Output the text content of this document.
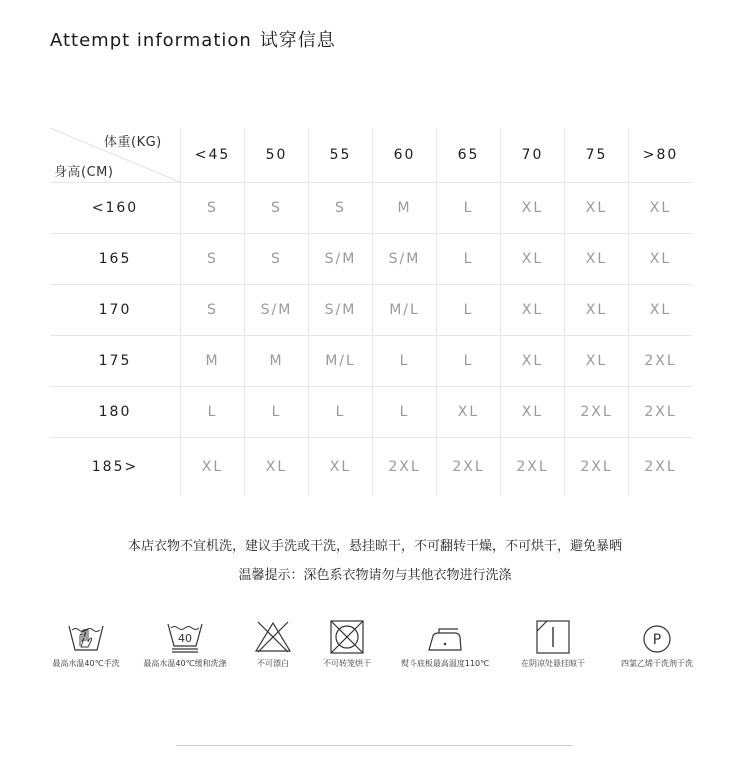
Attempt information 试穿信息
体重(KG)
身高(CM)	<45	50	55	60	65	70	75	>80
<160	S	S	S	M	L	XL	XL	XL
165	S	S	S/M	S/M	L	XL	XL	XL
170	S	S/M	S/M	M/L	L	XL	XL	XL
175	M	M	M/L	L	L	XL	XL	2XL
180	L	L	L	L	XL	XL	2XL	2XL
185>	XL	XL	XL	2XL	2XL	2XL	2XL	2XL
本店衣物不宜机洗，建议手洗或干洗，悬挂晾干，不可翻转干燥，不可烘干，避免暴晒
温馨提示：深色系衣物请勿与其他衣物进行洗涤
最高水温40℃手洗
40
最高水温40℃缓和洗涤	不可漂白	不可转笼烘干	熨斗底板最高温度110℃	在阴凉处悬挂晾干
P
四氯乙烯干洗剂干洗
